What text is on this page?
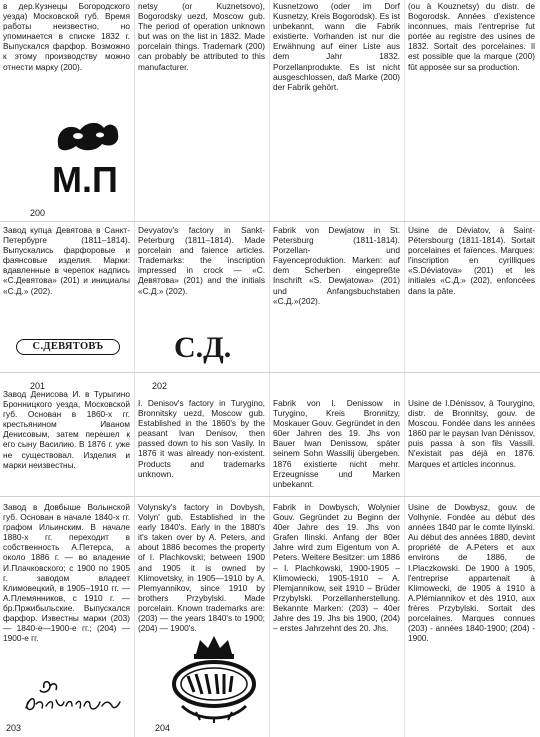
в дер.Кузнецы Богородского уезда) Московской губ. Время работы неизвестно, но упоминается в списке 1832 г. Выпускался фарфор. Возможно к этому производству можно отнести марку (200).

netsy (or Kuznetsovo), Bogorodsky uezd, Moscow gub. The period of operation unknown but was on the list in 1832. Made porcelain things. Trademark (200) can probably be attributed to this manufacturer.

Kusnetzowo (oder im Dorf Kusnetzy, Kreis Bogorodsk). Es ist unbekannt, wann die Fabrik existierte. Vorhanden ist nur die Erwähnung auf einer Liste aus dem Jahr 1832. Porzellanprodukte. Es ist nicht ausgeschlossen, daß Marke (200) der Fabrik gehört.

(ou à Kouznetsy) du distr. de Bogorodsk. Années d'existence inconnues, mais l'entreprise fut portée au registre des usines de 1832. Sortait des porcelaines. Il est possible que la marque (200) fût apposée sur sa production.

М.П
200

Завод купца Девятова в Санкт-Петербурге (1811–1814). Выпускались фарфоровые и фаянсовые изделия. Марки: вдавленные в черепок надпись «С.Девятова» (201) и инициалы «С.Д.» (202).

Devyatov's factory in Sankt-Peterburg (1811–1814). Made porcelain and faience articles. Trademarks: the inscription impressed in crock — «С. Девятова» (201) and the initials «С.Д.» (202).

Fabrik von Dewjatow in St. Petersburg (1811-1814). Porzellan- und Fayenceproduktion. Marken: auf dem Scherben eingepreßte Inschrift «S. Dewjatowa» (201) und Anfangsbuchstaben «С.Д.»(202).

Usine de Déviatov, à Saint-Pétersbourg (1811-1814). Sortait porcelaines et faïences. Marques: l'inscription en cyrilliques «S.Déviatova» (201) et les initiales «С.Д.» (202), enfoncées dans la pâte.

С.ДЕВЯТОВЪ
201
С.Д.
202

Завод Денисова И. в Турыгино Бронницкого уезда, Московской губ. Основан в 1860-х гг. крестьянином Иваном Денисовым, затем перешел к его сыну Василию. В 1876 г. уже не существовал. Изделия и марки неизвестны.

I. Denisov's factory in Turygino, Bronnitsky uezd, Moscow gub. Established in the 1860's by the peasant Ivan Denisov, then passed down to his son Vasily. In 1876 it was already non-existent. Products and trademarks unknown.

Fabrik von I. Denissow in Turygino, Kreis Bronnitzy, Moskauer Gouv. Gegründet in den 60er Jahren des 19. Jhs von Bauer Iwan Denissow, später seinem Sohn Wassilij übergeben. 1876 existierte nicht mehr. Erzeugnisse und Marken unbekannt.

Usine de I.Dénissov, à Tourygino, distr. de Bronnitsy, gouv. de Moscou. Fondée dans les années 1860 par le paysan Ivan Dénissov, puis passa à son fils Vassili. N'existait pas déjà en 1876. Marques et articles inconnus.

Завод в Довбыше Волынской губ. Основан в начале 1840-х гг. графом Ильинским. В начале 1880-х гг. переходит в собственность А.Петерса, а около 1886 г. — во владение И.Плачковского; с 1900 по 1905 г. заводом владеет Климовецкий, в 1905–1910 гг. — А.Племянников, с 1910 г. — бр.Пржибыльские. Выпускался фарфор. Известны марки (203) — 1840-е—1900-е гг.; (204) — 1900-е гг.

Volynsky's factory in Dovbysh, Volyn' gub. Established in the early 1840's. Early in the 1880's it's taken over by A. Peters, and about 1886 becomes the property of I. Plachkovski; between 1900 and 1905 it is owned by Klimovetsky, in 1905—1910 by A. Plemyannikov, since 1910 by brothers Przybylski. Made porcelain. Known trademarks are: (203) — the years 1840's to 1900; (204) — 1900's.

Fabrik in Dowbysch, Wolynier Gouv. Gegründet zu Beginn der 40er Jahre des 19. Jhs von Grafen Ilinski. Anfang der 80er Jahre wird zum Eigentum von A. Peters. Weitere Besitzer: um 1886 – I. Plachkowski, 1900-1905 – Klimowiecki, 1905-1910 – A. Plemjannikow, seit 1910 – Brüder Przybylski. Porzellanherstellung. Bekannte Marken: (203) – 40er Jahre des 19. Jhs bis 1900, (204) – erstes Jahrzehnt des 20. Jhs.

Usine de Dowbysz, gouv. de Volhynie. Fondée au début des années 1840 par le comte Ilyinski. Au début des années 1880, devint propriété de A.Peters et aux environs de 1886, de I.Placzkowski. De 1900 à 1905, l'entreprise appartenait à Klimowecki, de 1905 à 1910 à A.Plémiannikov et dès 1910, aux frères Przybylski. Sortait des porcelaines. Marques connues (203) - années 1840-1900; (204) - 1900.

203	204
